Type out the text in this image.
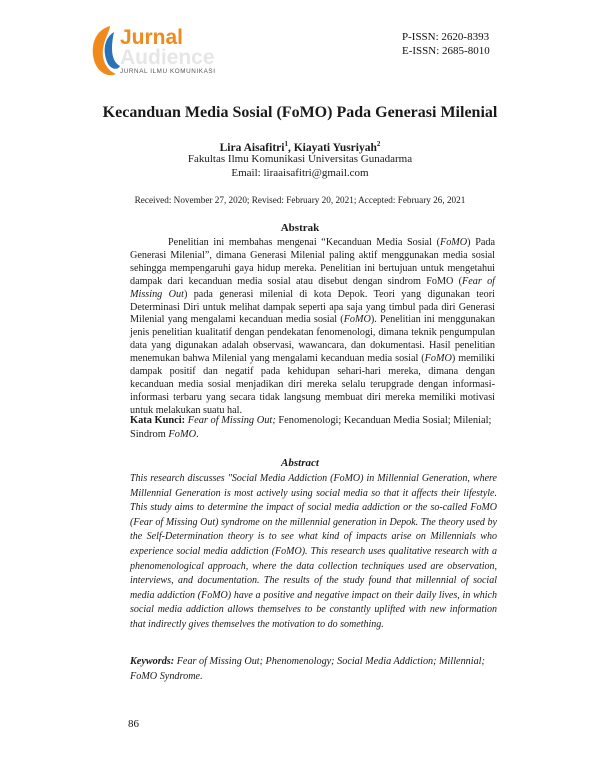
Jurnal
Audience
JURNAL ILMU KOMUNIKASI
P-ISSN: 2620-8393
E-ISSN: 2685-8010
Kecanduan Media Sosial (FoMO) Pada Generasi Milenial
Lira Aisafitri$^1$, Kiayati Yusriyah$^2$
Fakultas Ilmu Komunikasi Universitas Gunadarma
Email: liraaisafitri@gmail.com
Received: November 27, 2020; Revised: February 20, 2021; Accepted: February 26, 2021
Abstrak
Penelitian ini membahas mengenai “Kecanduan Media Sosial (FoMO) Pada Generasi Milenial”, dimana Generasi Milenial paling aktif menggunakan media sosial sehingga mempengaruhi gaya hidup mereka. Penelitian ini bertujuan untuk mengetahui dampak dari kecanduan media sosial atau disebut dengan sindrom FoMO (Fear of Missing Out) pada generasi milenial di kota Depok. Teori yang digunakan teori Determinasi Diri untuk melihat dampak seperti apa saja yang timbul pada diri Generasi Milenial yang mengalami kecanduan media sosial (FoMO). Penelitian ini menggunakan jenis penelitian kualitatif dengan pendekatan fenomenologi, dimana teknik pengumpulan data yang digunakan adalah observasi, wawancara, dan dokumentasi. Hasil penelitian menemukan bahwa Milenial yang mengalami kecanduan media sosial (FoMO) memiliki dampak positif dan negatif pada kehidupan sehari-hari mereka, dimana dengan kecanduan media sosial menjadikan diri mereka selalu terupgrade dengan informasi-informasi terbaru yang secara tidak langsung membuat diri mereka memiliki motivasi untuk melakukan suatu hal.
Kata Kunci: Fear of Missing Out; Fenomenologi; Kecanduan Media Sosial; Milenial; Sindrom FoMO.
Abstract
This research discusses "Social Media Addiction (FoMO) in Millennial Generation, where Millennial Generation is most actively using social media so that it affects their lifestyle. This study aims to determine the impact of social media addiction or the so-called FoMO (Fear of Missing Out) syndrome on the millennial generation in Depok. The theory used by the Self-Determination theory is to see what kind of impacts arise on Millennials who experience social media addiction (FoMO). This research uses qualitative research with a phenomenological approach, where the data collection techniques used are observation, interviews, and documentation. The results of the study found that millennial of social media addiction (FoMO) have a positive and negative impact on their daily lives, in which social media addiction allows themselves to be constantly uplifted with new information that indirectly gives themselves the motivation to do something.
Keywords: Fear of Missing Out; Phenomenology; Social Media Addiction; Millennial; FoMO Syndrome.
86
